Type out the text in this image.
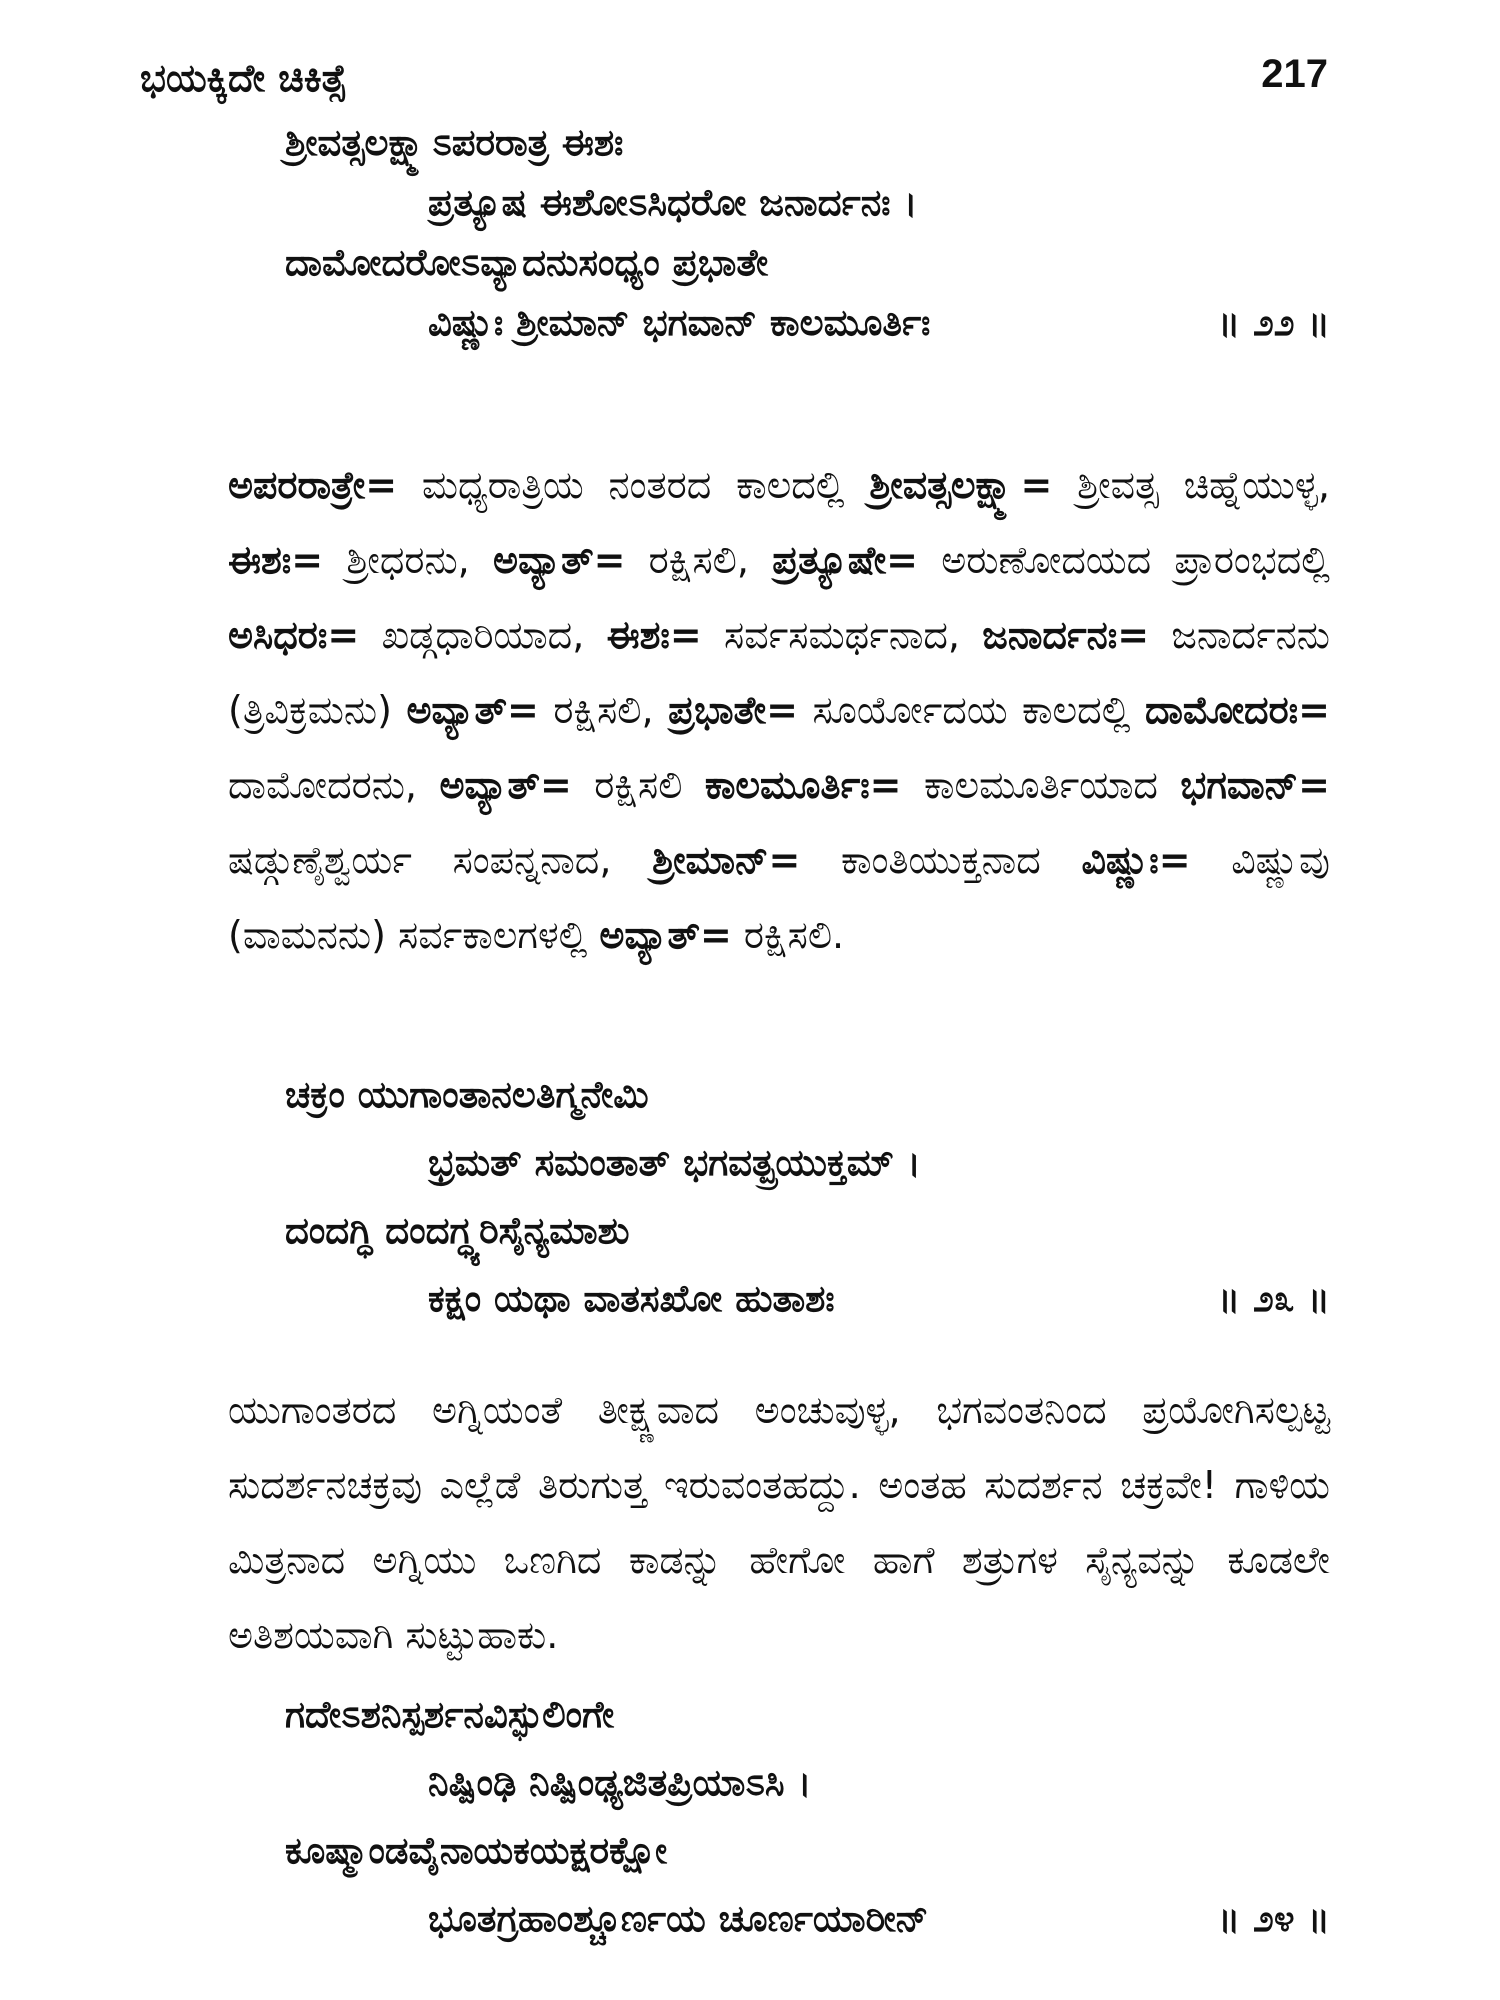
ಭಯಕ್ಕಿದೇ ಚಿಕಿತ್ಸೆ	217
ಶ್ರೀವತ್ಸಲಕ್ಷ್ಮಾಽಪರರಾತ್ರ ಈಶಃ
ಪ್ರತ್ಯೂಷ ಈಶೋಽಸಿಧರೋ ಜನಾರ್ದನಃ ।
ದಾಮೋದರೋಽವ್ಯಾದನುಸಂಧ್ಯಂ ಪ್ರಭಾತೇ
ವಿಷ್ಣುಃ ಶ್ರೀಮಾನ್ ಭಗವಾನ್ ಕಾಲಮೂರ್ತಿಃ	॥ ೨೨ ॥
ಅಪರರಾತ್ರೇ= ಮಧ್ಯರಾತ್ರಿಯ ನಂತರದ ಕಾಲದಲ್ಲಿ ಶ್ರೀವತ್ಸಲಕ್ಷ್ಮಾ= ಶ್ರೀವತ್ಸ ಚಿಹ್ನೆಯುಳ್ಳ, ಈಶಃ= ಶ್ರೀಧರನು, ಅವ್ಯಾತ್= ರಕ್ಷಿಸಲಿ, ಪ್ರತ್ಯೂಷೇ= ಅರುಣೋದಯದ ಪ್ರಾರಂಭದಲ್ಲಿ ಅಸಿಧರಃ= ಖಡ್ಗಧಾರಿಯಾದ, ಈಶಃ= ಸರ್ವಸಮರ್ಥನಾದ, ಜನಾರ್ದನಃ= ಜನಾರ್ದನನು (ತ್ರಿವಿಕ್ರಮನು) ಅವ್ಯಾತ್= ರಕ್ಷಿಸಲಿ, ಪ್ರಭಾತೇ= ಸೂರ್ಯೋದಯ ಕಾಲದಲ್ಲಿ ದಾಮೋದರಃ= ದಾಮೋದರನು, ಅವ್ಯಾತ್= ರಕ್ಷಿಸಲಿ ಕಾಲಮೂರ್ತಿಃ= ಕಾಲಮೂರ್ತಿಯಾದ ಭಗವಾನ್= ಷಡ್ಗುಣೈಶ್ವರ್ಯ ಸಂಪನ್ನನಾದ, ಶ್ರೀಮಾನ್= ಕಾಂತಿಯುಕ್ತನಾದ ವಿಷ್ಣುಃ= ವಿಷ್ಣುವು (ವಾಮನನು) ಸರ್ವಕಾಲಗಳಲ್ಲಿ ಅವ್ಯಾತ್= ರಕ್ಷಿಸಲಿ.
ಚಕ್ರಂ ಯುಗಾಂತಾನಲತಿಗ್ಮನೇಮಿ
ಭ್ರಮತ್ ಸಮಂತಾತ್ ಭಗವತ್ಪ್ರಯುಕ್ತಮ್ ।
ದಂದಗ್ಧಿ ದಂದಗ್ಧ್ಯರಿಸೈನ್ಯಮಾಶು
ಕಕ್ಷಂ ಯಥಾ ವಾತಸಖೋ ಹುತಾಶಃ	॥ ೨೩ ॥
ಯುಗಾಂತರದ ಅಗ್ನಿಯಂತೆ ತೀಕ್ಷ್ಣವಾದ ಅಂಚುವುಳ್ಳ, ಭಗವಂತನಿಂದ ಪ್ರಯೋಗಿಸಲ್ಪಟ್ಟ ಸುದರ್ಶನಚಕ್ರವು ಎಲ್ಲೆಡೆ ತಿರುಗುತ್ತ ಇರುವಂತಹದ್ದು. ಅಂತಹ ಸುದರ್ಶನ ಚಕ್ರವೇ! ಗಾಳಿಯ ಮಿತ್ರನಾದ ಅಗ್ನಿಯು ಒಣಗಿದ ಕಾಡನ್ನು ಹೇಗೋ ಹಾಗೆ ಶತ್ರುಗಳ ಸೈನ್ಯವನ್ನು ಕೂಡಲೇ ಅತಿಶಯವಾಗಿ ಸುಟ್ಟುಹಾಕು.
ಗದೇಽಶನಿಸ್ಪರ್ಶನವಿಸ್ಫುಲಿಂಗೇ
ನಿಷ್ಪಿಂಢಿ ನಿಷ್ಪಿಂಢ್ಯಜಿತಪ್ರಿಯಾಽಸಿ ।
ಕೂಷ್ಮಾಂಡವೈನಾಯಕಯಕ್ಷರಕ್ಷೋ
ಭೂತಗ್ರಹಾಂಶ್ಚೂರ್ಣಯ ಚೂರ್ಣಯಾರೀನ್	॥ ೨೪ ॥
